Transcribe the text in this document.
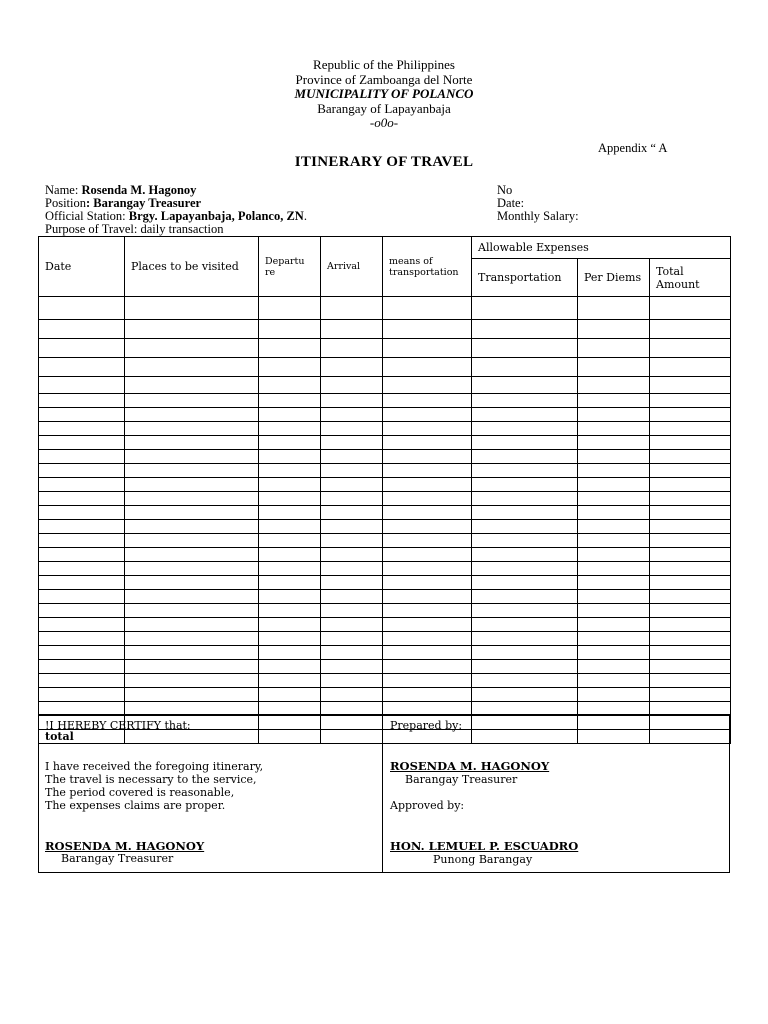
Republic of the Philippines
Province of Zamboanga del Norte
MUNICIPALITY OF POLANCO
Barangay of Lapayanbaja
-o0o-
Appendix “ A
ITINERARY OF TRAVEL
Name: Rosenda M. Hagonoy
Position: Barangay Treasurer
Official Station: Brgy. Lapayanbaja, Polanco, ZN.
Purpose of Travel: daily transaction
No
Date:
Monthly Salary:
Date	Places to be visited	Departu re	Arrival	means of transportation	Allowable Expenses		
					Transportation	Per Diems	Total Amount

total							
!I HEREBY CERTIFY that:
I have received the foregoing itinerary,
The travel is necessary to the service,
The period covered is reasonable,
The expenses claims are proper.
ROSENDA M. HAGONOY
Barangay Treasurer
Prepared by:
ROSENDA M. HAGONOY
Barangay Treasurer
Approved by:
HON. LEMUEL P. ESCUADRO
Punong Barangay
